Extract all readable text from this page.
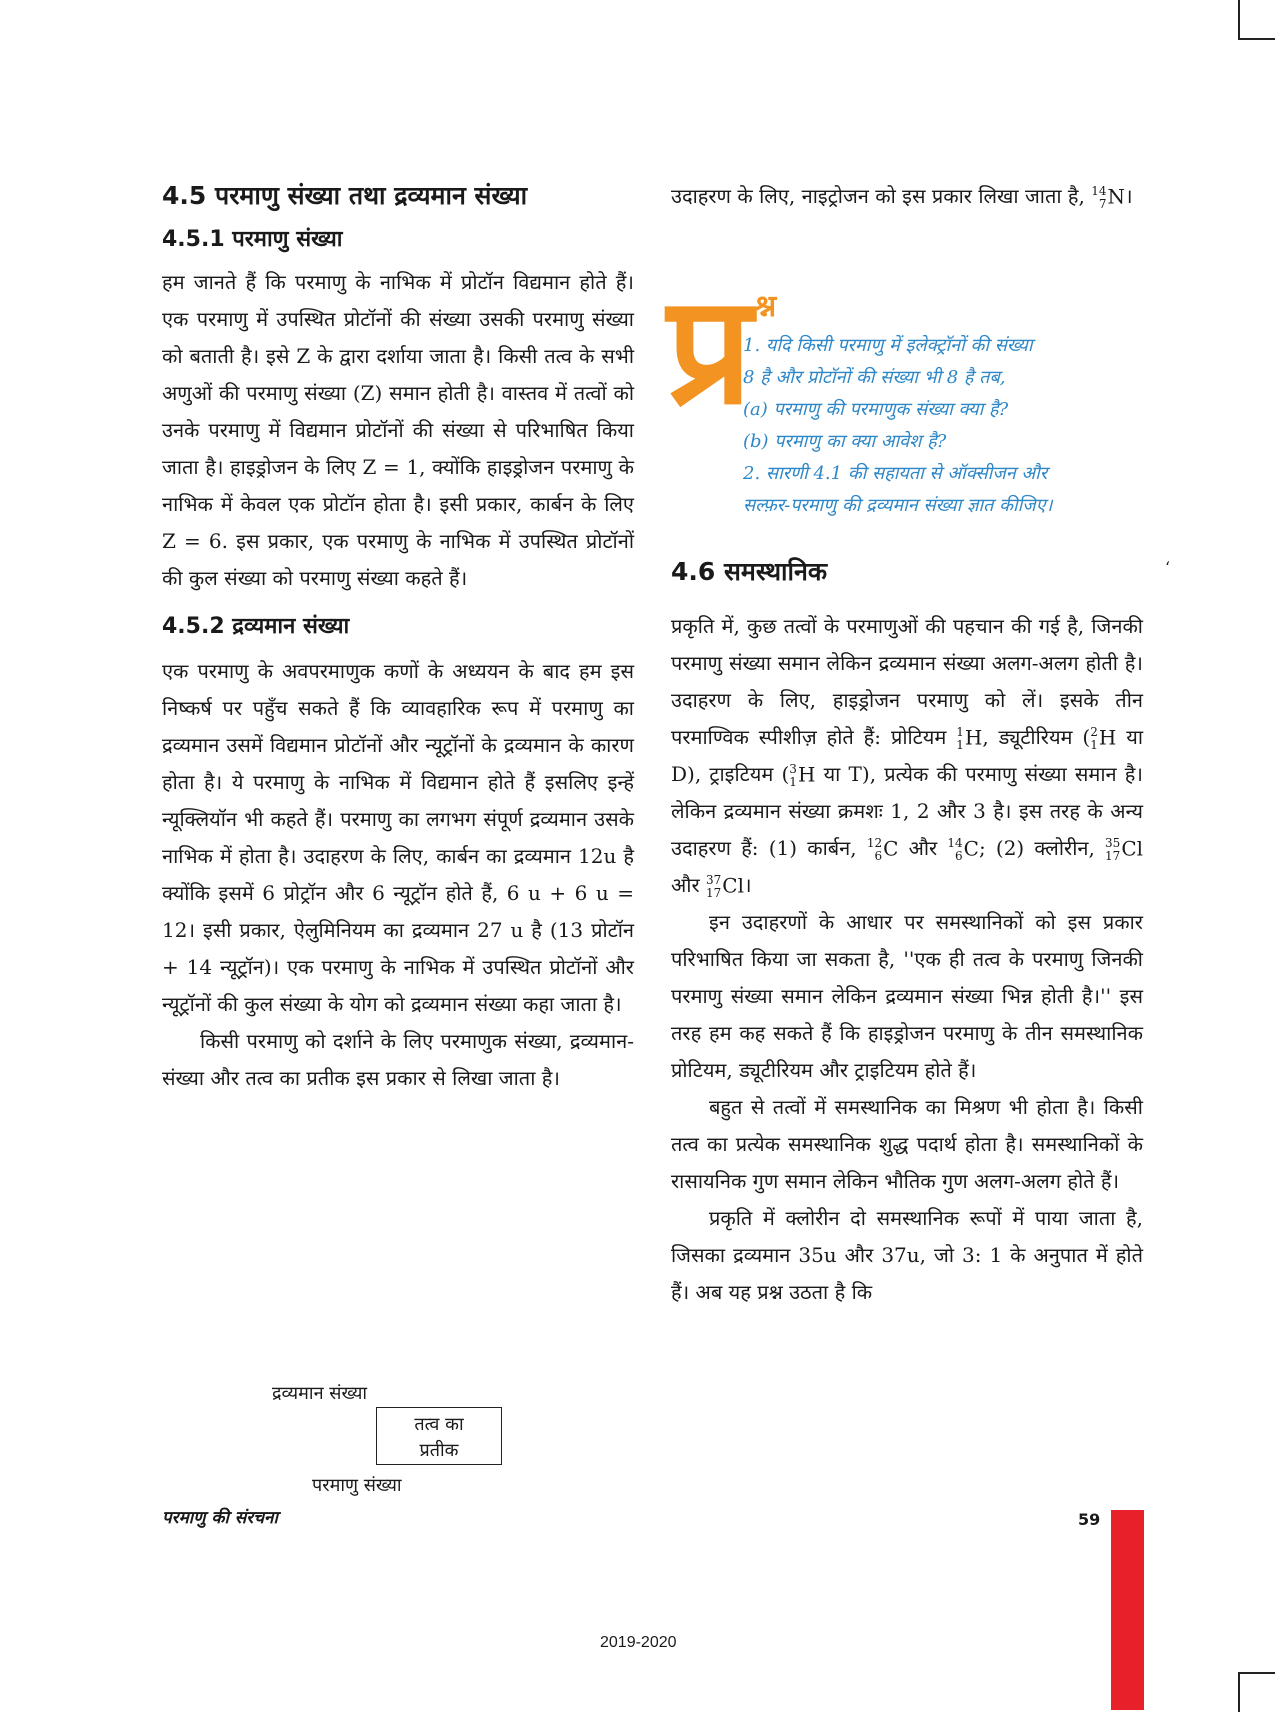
4.5 परमाणु संख्या तथा द्रव्यमान संख्या
4.5.1 परमाणु संख्या

हम जानते हैं कि परमाणु के नाभिक में प्रोटॉन विद्यमान होते हैं। एक परमाणु में उपस्थित प्रोटॉनों की संख्या उसकी परमाणु संख्या को बताती है। इसे Z के द्वारा दर्शाया जाता है। किसी तत्व के सभी अणुओं की परमाणु संख्या (Z) समान होती है। वास्तव में तत्वों को उनके परमाणु में विद्यमान प्रोटॉनों की संख्या से परिभाषित किया जाता है। हाइड्रोजन के लिए Z = 1, क्योंकि हाइड्रोजन परमाणु के नाभिक में केवल एक प्रोटॉन होता है। इसी प्रकार, कार्बन के लिए Z = 6. इस प्रकार, एक परमाणु के नाभिक में उपस्थित प्रोटॉनों की कुल संख्या को परमाणु संख्या कहते हैं।

4.5.2 द्रव्यमान संख्या

एक परमाणु के अवपरमाणुक कणों के अध्ययन के बाद हम इस निष्कर्ष पर पहुँच सकते हैं कि व्यावहारिक रूप में परमाणु का द्रव्यमान उसमें विद्यमान प्रोटॉनों और न्यूट्रॉनों के द्रव्यमान के कारण होता है। ये परमाणु के नाभिक में विद्यमान होते हैं इसलिए इन्हें न्यूक्लियॉन भी कहते हैं। परमाणु का लगभग संपूर्ण द्रव्यमान उसके नाभिक में होता है। उदाहरण के लिए, कार्बन का द्रव्यमान 12u है क्योंकि इसमें 6 प्रोट्रॉन और 6 न्यूट्रॉन होते हैं, 6 u + 6 u = 12। इसी प्रकार, ऐलुमिनियम का द्रव्यमान 27 u है (13 प्रोटॉन + 14 न्यूट्रॉन)। एक परमाणु के नाभिक में उपस्थित प्रोटॉनों और न्यूट्रॉनों की कुल संख्या के योग को द्रव्यमान संख्या कहा जाता है।

किसी परमाणु को दर्शाने के लिए परमाणुक संख्या, द्रव्यमान-संख्या और तत्व का प्रतीक इस प्रकार से लिखा जाता है।

द्रव्यमान संख्या
तत्व का
प्रतीक
परमाणु संख्या

उदाहरण के लिए, नाइट्रोजन को इस प्रकार लिखा जाता है, 14
7 N।

प्र श्न
1. यदि किसी परमाणु में इलेक्ट्रॉनों की संख्या
8 है और प्रोटॉनों की संख्या भी 8 है तब,
(a) परमाणु की परमाणुक संख्या क्या है?
(b) परमाणु का क्या आवेश है?
2. सारणी 4.1 की सहायता से ऑक्सीजन और
सल्फ़र-परमाणु की द्रव्यमान संख्या ज्ञात कीजिए।
4.6 समस्थानिक

प्रकृति में, कुछ तत्वों के परमाणुओं की पहचान की गई है, जिनकी परमाणु संख्या समान लेकिन द्रव्यमान संख्या अलग-अलग होती है। उदाहरण के लिए, हाइड्रोजन परमाणु को लें। इसके तीन परमाण्विक स्पीशीज़ होते हैं: प्रोटियम 1
1 H, ड्यूटीरियम ( 2
1 H या D), ट्राइटियम ( 3
1 H या T), प्रत्येक की परमाणु संख्या समान है। लेकिन द्रव्यमान संख्या क्रमशः 1, 2 और 3 है। इस तरह के अन्य उदाहरण हैं: (1) कार्बन, 12
6 C और 14
6 C; (2) क्लोरीन, 35
17 Cl और 37
17 Cl।

इन उदाहरणों के आधार पर समस्थानिकों को इस प्रकार परिभाषित किया जा सकता है, ''एक ही तत्व के परमाणु जिनकी परमाणु संख्या समान लेकिन द्रव्यमान संख्या भिन्न होती है।'' इस तरह हम कह सकते हैं कि हाइड्रोजन परमाणु के तीन समस्थानिक प्रोटियम, ड्यूटीरियम और ट्राइटियम होते हैं।

बहुत से तत्वों में समस्थानिक का मिश्रण भी होता है। किसी तत्व का प्रत्येक समस्थानिक शुद्ध पदार्थ होता है। समस्थानिकों के रासायनिक गुण समान लेकिन भौतिक गुण अलग-अलग होते हैं।

प्रकृति में क्लोरीन दो समस्थानिक रूपों में पाया जाता है, जिसका द्रव्यमान 35u और 37u, जो 3: 1 के अनुपात में होते हैं। अब यह प्रश्न उठता है कि

‘
परमाणु की संरचना	59
2019-2020
